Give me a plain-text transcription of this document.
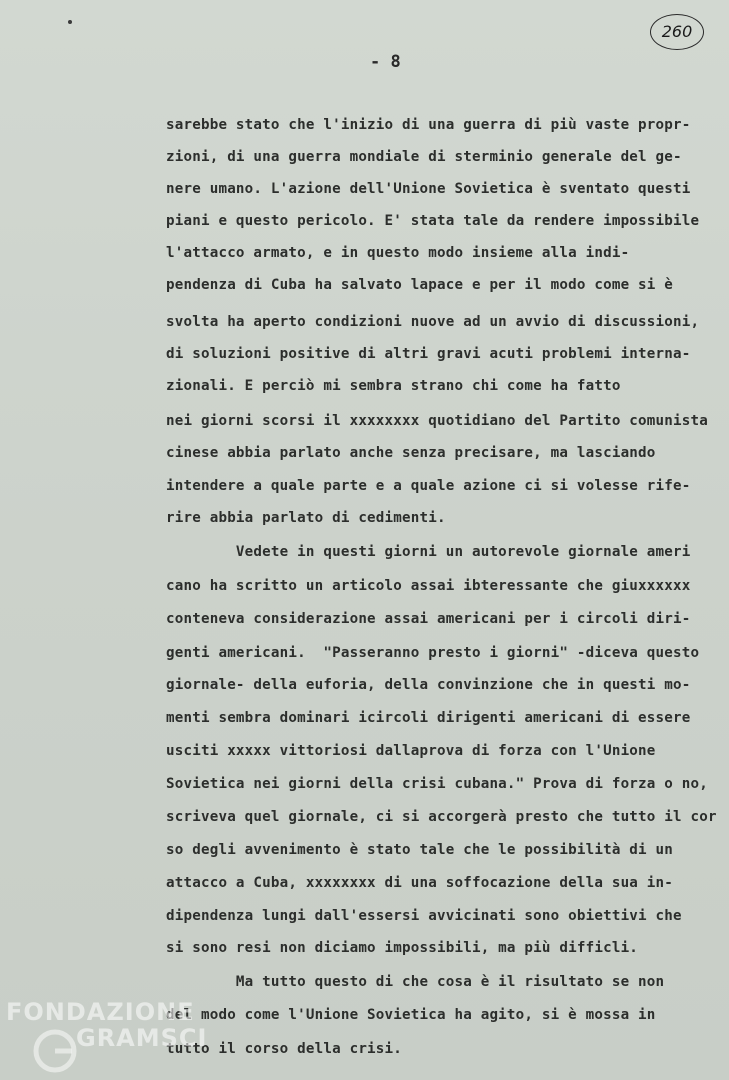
260
- 8
sarebbe stato che l'inizio di una guerra di più vaste propr-
zioni, di una guerra mondiale di sterminio generale del ge-
nere umano. L'azione dell'Unione Sovietica è sventato questi
piani e questo pericolo. E' stata tale da rendere impossibile
l'attacco armato, e in questo modo insieme alla indi-
pendenza di Cuba ha salvato lapace e per il modo come si è
svolta ha aperto condizioni nuove ad un avvio di discussioni,
di soluzioni positive di altri gravi acuti problemi interna-
zionali. E perciò mi sembra strano chi come ha fatto
nei giorni scorsi il xxxxxxxx quotidiano del Partito comunista
cinese abbia parlato anche senza precisare, ma lasciando
intendere a quale parte e a quale azione ci si volesse rife-
rire abbia parlato di cedimenti.
Vedete in questi giorni un autorevole giornale ameri
cano ha scritto un articolo assai ibteressante che giuxxxxxx
conteneva considerazione assai americani per i circoli diri-
genti americani.  "Passeranno presto i giorni" -diceva questo
giornale- della euforia, della convinzione che in questi mo-
menti sembra dominari icircoli dirigenti americani di essere
usciti xxxxx vittoriosi dallaprova di forza con l'Unione
Sovietica nei giorni della crisi cubana." Prova di forza o no,
scriveva quel giornale, ci si accorgerà presto che tutto il cor
so degli avvenimento è stato tale che le possibilità di un
attacco a Cuba, xxxxxxxx di una soffocazione della sua in-
dipendenza lungi dall'essersi avvicinati sono obiettivi che
si sono resi non diciamo impossibili, ma più difficli.
Ma tutto questo di che cosa è il risultato se non
del modo come l'Unione Sovietica ha agito, si è mossa in
tutto il corso della crisi.
FONDAZIONE
GRAMSCI
